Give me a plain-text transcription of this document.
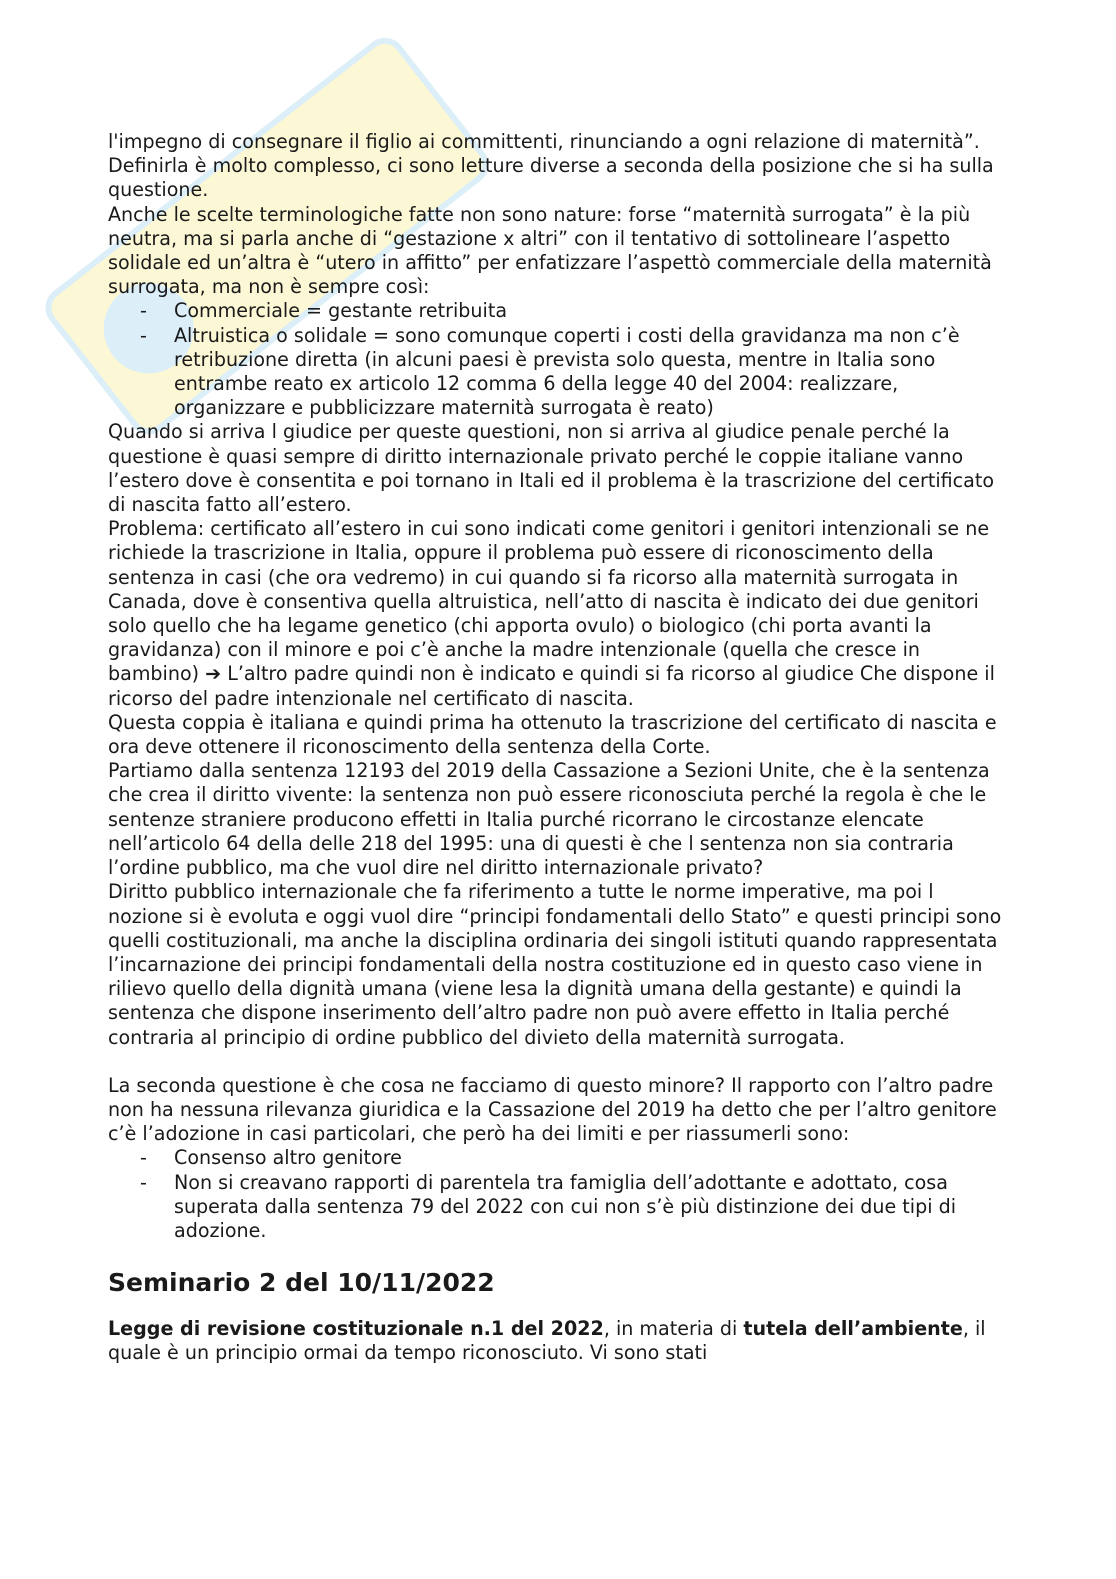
l'impegno di consegnare il figlio ai committenti, rinunciando a ogni relazione di maternità”.

Definirla è molto complesso, ci sono letture diverse a seconda della posizione che si ha sulla questione.

Anche le scelte terminologiche fatte non sono nature: forse “maternità surrogata” è la più neutra, ma si parla anche di “gestazione x altri” con il tentativo di sottolineare l’aspetto solidale ed un’altra è “utero in affitto” per enfatizzare l’aspettò commerciale della maternità surrogata, ma non è sempre così:

- Commerciale = gestante retribuita
- Altruistica o solidale = sono comunque coperti i costi della gravidanza ma non c’è retribuzione diretta (in alcuni paesi è prevista solo questa, mentre in Italia sono entrambe reato ex articolo 12 comma 6 della legge 40 del 2004: realizzare, organizzare e pubblicizzare maternità surrogata è reato)

Quando si arriva l giudice per queste questioni, non si arriva al giudice penale perché la questione è quasi sempre di diritto internazionale privato perché le coppie italiane vanno l’estero dove è consentita e poi tornano in Itali ed il problema è la trascrizione del certificato di nascita fatto all’estero.

Problema: certificato all’estero in cui sono indicati come genitori i genitori intenzionali se ne richiede la trascrizione in Italia, oppure il problema può essere di riconoscimento della sentenza in casi (che ora vedremo) in cui quando si fa ricorso alla maternità surrogata in Canada, dove è consentiva quella altruistica, nell’atto di nascita è indicato dei due genitori solo quello che ha legame genetico (chi apporta ovulo) o biologico (chi porta avanti la gravidanza) con il minore e poi c’è anche la madre intenzionale (quella che cresce in bambino) ➔ L’altro padre quindi non è indicato e quindi si fa ricorso al giudice Che dispone il ricorso del padre intenzionale nel certificato di nascita.

Questa coppia è italiana e quindi prima ha ottenuto la trascrizione del certificato di nascita e ora deve ottenere il riconoscimento della sentenza della Corte.

Partiamo dalla sentenza 12193 del 2019 della Cassazione a Sezioni Unite, che è la sentenza che crea il diritto vivente: la sentenza non può essere riconosciuta perché la regola è che le sentenze straniere producono effetti in Italia purché ricorrano le circostanze elencate nell’articolo 64 della delle 218 del 1995: una di questi è che l sentenza non sia contraria l’ordine pubblico, ma che vuol dire nel diritto internazionale privato?

Diritto pubblico internazionale che fa riferimento a tutte le norme imperative, ma poi l nozione si è evoluta e oggi vuol dire “principi fondamentali dello Stato” e questi principi sono quelli costituzionali, ma anche la disciplina ordinaria dei singoli istituti quando rappresentata l’incarnazione dei principi fondamentali della nostra costituzione ed in questo caso viene in rilievo quello della dignità umana (viene lesa la dignità umana della gestante) e quindi la sentenza che dispone inserimento dell’altro padre non può avere effetto in Italia perché contraria al principio di ordine pubblico del divieto della maternità surrogata.

La seconda questione è che cosa ne facciamo di questo minore? Il rapporto con l’altro padre non ha nessuna rilevanza giuridica e la Cassazione del 2019 ha detto che per l’altro genitore c’è l’adozione in casi particolari, che però ha dei limiti e per riassumerli sono:

- Consenso altro genitore
- Non si creavano rapporti di parentela tra famiglia dell’adottante e adottato, cosa superata dalla sentenza 79 del 2022 con cui non s’è più distinzione dei due tipi di adozione.
Seminario 2 del 10/11/2022

Legge di revisione costituzionale n.1 del 2022, in materia di tutela dell’ambiente, il quale è un principio ormai da tempo riconosciuto. Vi sono stati
